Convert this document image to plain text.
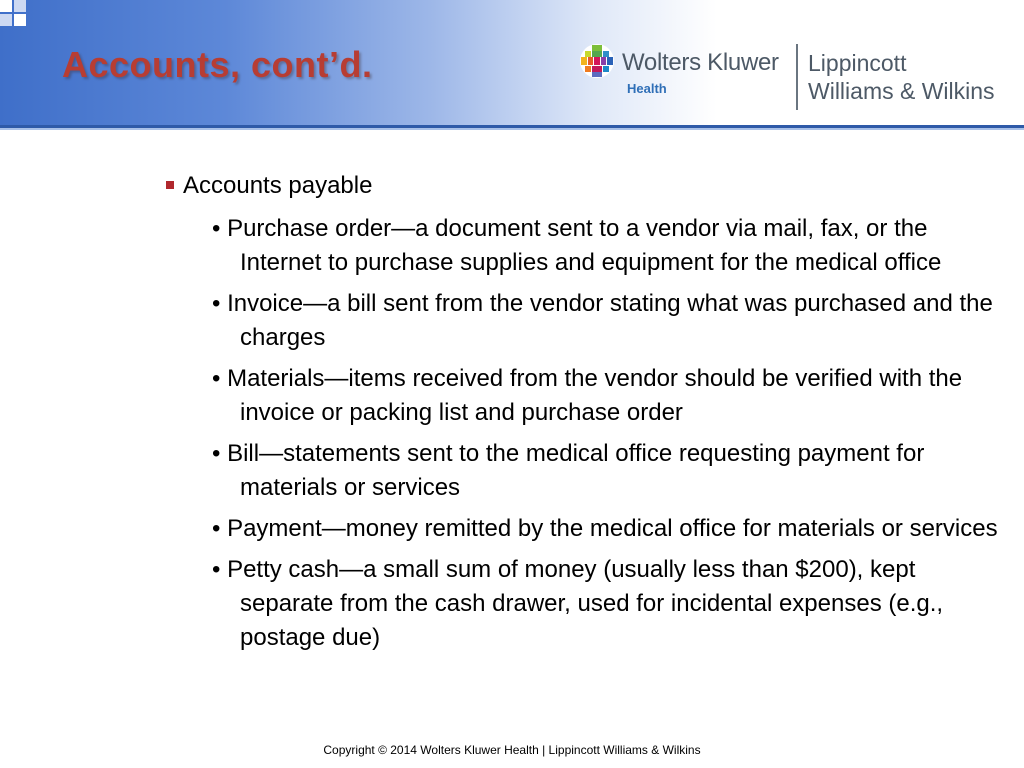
Accounts, cont’d.	Wolters Kluwer
Health
Lippincott
Williams & Wilkins
Accounts payable
• Purchase order—a document sent to a vendor via mail, fax, or the Internet to purchase supplies and equipment for the medical office
• Invoice—a bill sent from the vendor stating what was purchased and the charges
• Materials—items received from the vendor should be verified with the invoice or packing list and purchase order
• Bill—statements sent to the medical office requesting payment for materials or services
• Payment—money remitted by the medical office for materials or services
• Petty cash—a small sum of money (usually less than $200), kept separate from the cash drawer, used for incidental expenses (e.g., postage due)
Copyright © 2014 Wolters Kluwer Health | Lippincott Williams & Wilkins
